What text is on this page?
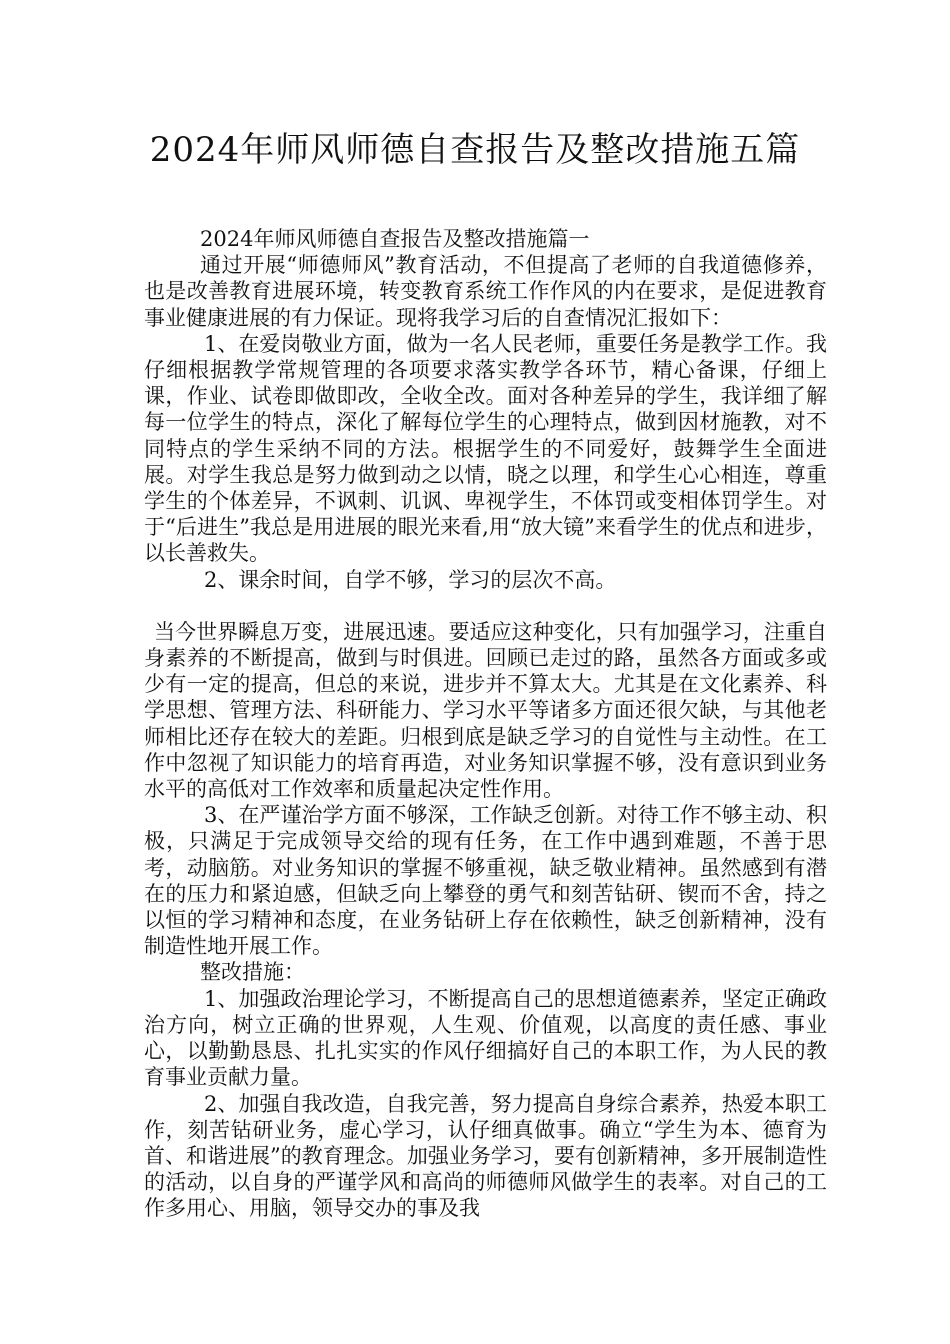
2024年师风师德自查报告及整改措施五篇

2024年师风师德自查报告及整改措施篇一

通过开展“师德师风”教育活动，不但提高了老师的自我道德修养，也是改善教育进展环境，转变教育系统工作作风的内在要求，是促进教育事业健康进展的有力保证。现将我学习后的自查情况汇报如下：

1、在爱岗敬业方面，做为一名人民老师，重要任务是教学工作。我仔细根据教学常规管理的各项要求落实教学各环节，精心备课，仔细上课，作业、试卷即做即改，全收全改。面对各种差异的学生，我详细了解每一位学生的特点，深化了解每位学生的心理特点，做到因材施教，对不同特点的学生采纳不同的方法。根据学生的不同爱好，鼓舞学生全面进展。对学生我总是努力做到动之以情，晓之以理，和学生心心相连，尊重学生的个体差异，不讽刺、讥讽、卑视学生，不体罚或变相体罚学生。对于“后进生”我总是用进展的眼光来看,用“放大镜”来看学生的优点和进步，以长善救失。

2、课余时间，自学不够，学习的层次不高。

当今世界瞬息万变，进展迅速。要适应这种变化，只有加强学习，注重自身素养的不断提高，做到与时俱进。回顾已走过的路，虽然各方面或多或少有一定的提高，但总的来说，进步并不算太大。尤其是在文化素养、科学思想、管理方法、科研能力、学习水平等诸多方面还很欠缺，与其他老师相比还存在较大的差距。归根到底是缺乏学习的自觉性与主动性。在工作中忽视了知识能力的培育再造，对业务知识掌握不够，没有意识到业务水平的高低对工作效率和质量起决定性作用。

3、在严谨治学方面不够深，工作缺乏创新。对待工作不够主动、积极，只满足于完成领导交给的现有任务，在工作中遇到难题，不善于思考，动脑筋。对业务知识的掌握不够重视，缺乏敬业精神。虽然感到有潜在的压力和紧迫感，但缺乏向上攀登的勇气和刻苦钻研、锲而不舍，持之以恒的学习精神和态度，在业务钻研上存在依赖性，缺乏创新精神，没有制造性地开展工作。

整改措施：

1、加强政治理论学习，不断提高自己的思想道德素养，坚定正确政治方向，树立正确的世界观，人生观、价值观，以高度的责任感、事业心，以勤勤恳恳、扎扎实实的作风仔细搞好自己的本职工作，为人民的教育事业贡献力量。

2、加强自我改造，自我完善，努力提高自身综合素养，热爱本职工作，刻苦钻研业务，虚心学习，认仔细真做事。确立“学生为本、德育为首、和谐进展”的教育理念。加强业务学习，要有创新精神，多开展制造性的活动，以自身的严谨学风和高尚的师德师风做学生的表率。对自己的工作多用心、用脑，领导交办的事及我
